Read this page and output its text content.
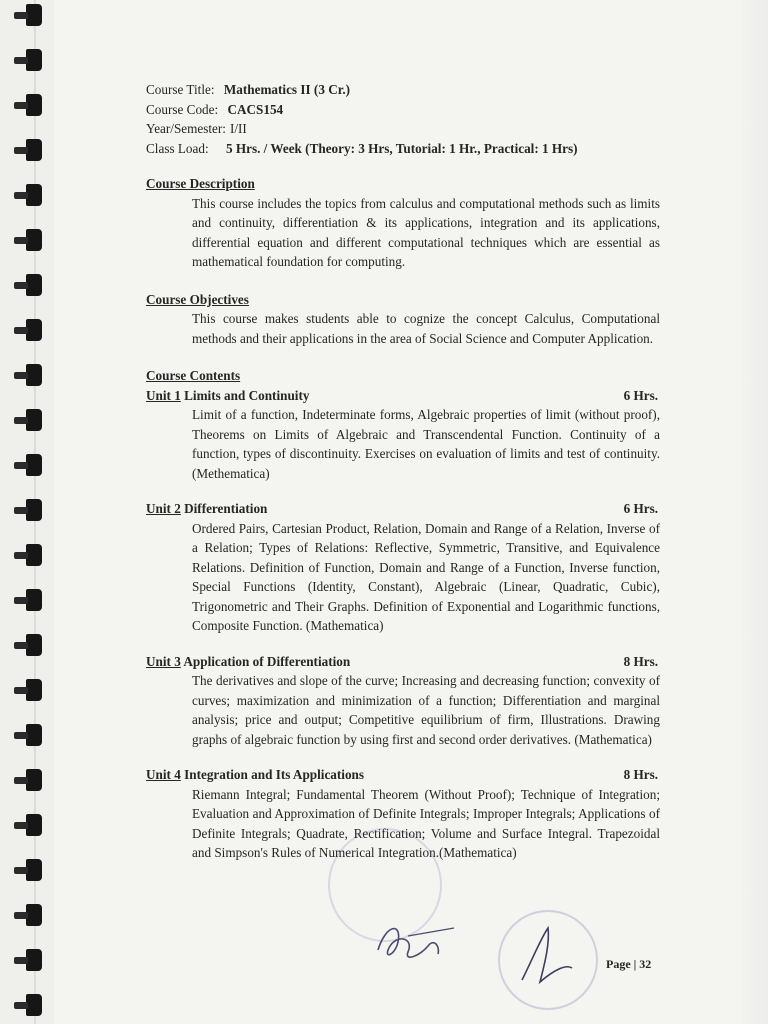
Course Title: Mathematics II (3 Cr.)
Course Code: CACS154
Year/Semester: I/II
Class Load: 5 Hrs. / Week (Theory: 3 Hrs, Tutorial: 1 Hr., Practical: 1 Hrs)
Course Description

This course includes the topics from calculus and computational methods such as limits and continuity, differentiation & its applications, integration and its applications, differential equation and different computational techniques which are essential as mathematical foundation for computing.

Course Objectives

This course makes students able to cognize the concept Calculus, Computational methods and their applications in the area of Social Science and Computer Application.

Course Contents
Unit 1 Limits and Continuity	6 Hrs.

Limit of a function, Indeterminate forms, Algebraic properties of limit (without proof), Theorems on Limits of Algebraic and Transcendental Function. Continuity of a function, types of discontinuity. Exercises on evaluation of limits and test of continuity. (Methematica)

Unit 2 Differentiation	6 Hrs.

Ordered Pairs, Cartesian Product, Relation, Domain and Range of a Relation, Inverse of a Relation; Types of Relations: Reflective, Symmetric, Transitive, and Equivalence Relations. Definition of Function, Domain and Range of a Function, Inverse function, Special Functions (Identity, Constant), Algebraic (Linear, Quadratic, Cubic), Trigonometric and Their Graphs. Definition of Exponential and Logarithmic functions, Composite Function. (Mathematica)

Unit 3 Application of Differentiation	8 Hrs.

The derivatives and slope of the curve; Increasing and decreasing function; convexity of curves; maximization and minimization of a function; Differentiation and marginal analysis; price and output; Competitive equilibrium of firm, Illustrations. Drawing graphs of algebraic function by using first and second order derivatives. (Mathematica)

Unit 4 Integration and Its Applications	8 Hrs.

Riemann Integral; Fundamental Theorem (Without Proof); Technique of Integration; Evaluation and Approximation of Definite Integrals; Improper Integrals; Applications of Definite Integrals; Quadrate, Rectification; Volume and Surface Integral. Trapezoidal and Simpson's Rules of Numerical Integration.(Mathematica)

Page | 32
